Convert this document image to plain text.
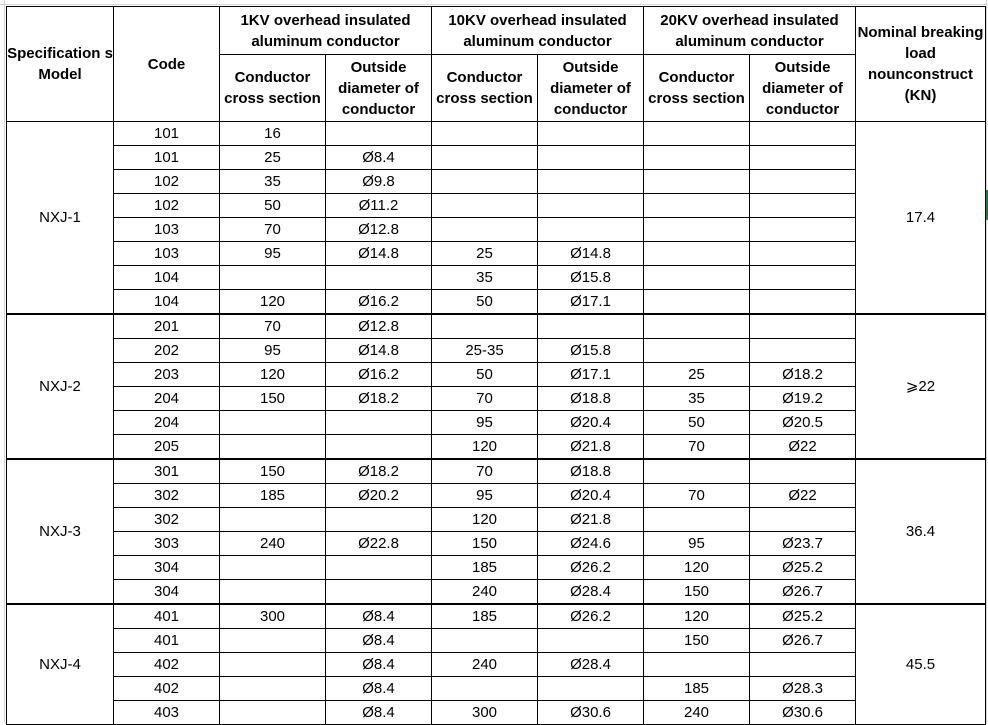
Specification s Model	Code	1KV overhead insulated aluminum conductor		10KV overhead insulated aluminum conductor		20KV overhead insulated aluminum conductor		Nominal breaking load nounconstruct (KN)
		Conductor cross section	Outside diameter of conductor	Conductor cross section	Outside diameter of conductor	Conductor cross section	Outside diameter of conductor	
NXJ-1	101	16						17.4
	101	25	Ø8.4					
	102	35	Ø9.8					
	102	50	Ø11.2					
	103	70	Ø12.8					
	103	95	Ø14.8	25	Ø14.8			
	104			35	Ø15.8			
	104	120	Ø16.2	50	Ø17.1			
NXJ-2	201	70	Ø12.8					⩾22
	202	95	Ø14.8	25-35	Ø15.8			
	203	120	Ø16.2	50	Ø17.1	25	Ø18.2	
	204	150	Ø18.2	70	Ø18.8	35	Ø19.2	
	204			95	Ø20.4	50	Ø20.5	
	205			120	Ø21.8	70	Ø22	
NXJ-3	301	150	Ø18.2	70	Ø18.8			36.4
	302	185	Ø20.2	95	Ø20.4	70	Ø22	
	302			120	Ø21.8			
	303	240	Ø22.8	150	Ø24.6	95	Ø23.7	
	304			185	Ø26.2	120	Ø25.2	
	304			240	Ø28.4	150	Ø26.7	
NXJ-4	401	300	Ø8.4	185	Ø26.2	120	Ø25.2	45.5
	401		Ø8.4			150	Ø26.7	
	402		Ø8.4	240	Ø28.4			
	402		Ø8.4			185	Ø28.3	
	403		Ø8.4	300	Ø30.6	240	Ø30.6	
